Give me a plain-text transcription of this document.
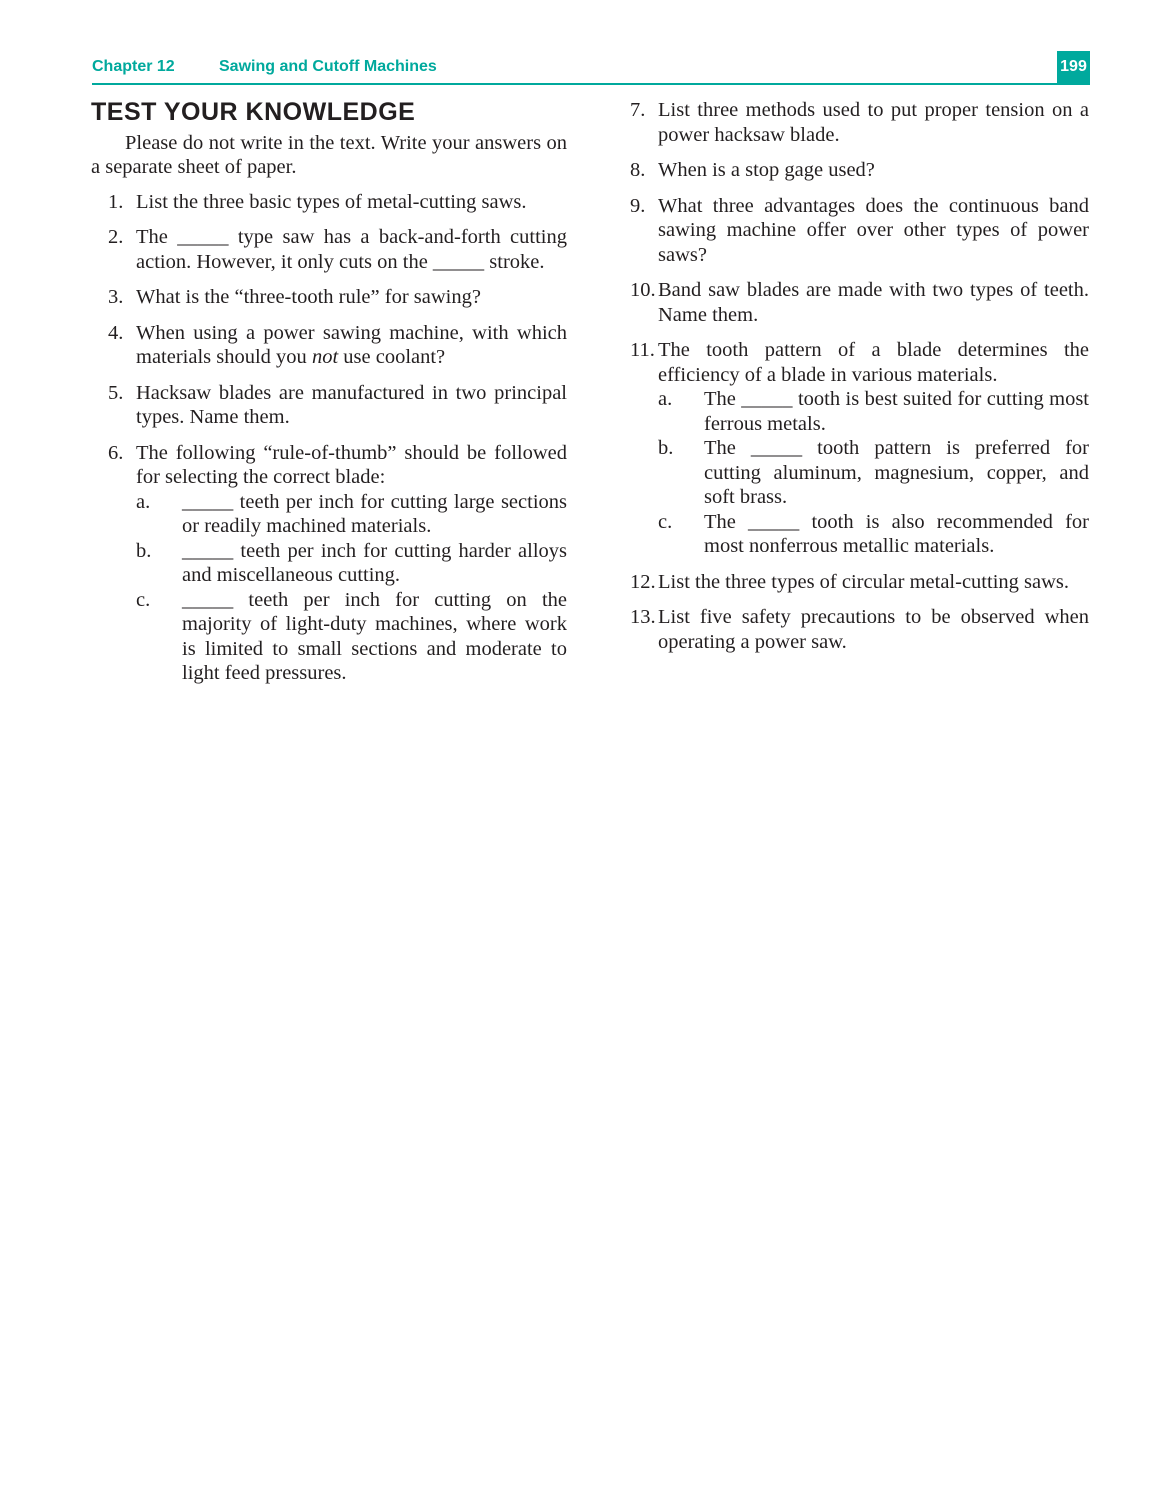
Chapter 12	Sawing and Cutoff Machines	199
TEST YOUR KNOWLEDGE

Please do not write in the text. Write your answers on a separate sheet of paper.

1. List the three basic types of metal-cutting saws.
2. The _____ type saw has a back-and-forth cutting action. However, it only cuts on the _____ stroke.
3. What is the “three-tooth rule” for sawing?
4. When using a power sawing machine, with which materials should you not use coolant?
5. Hacksaw blades are manufactured in two principal types. Name them.
6. The following “rule-of-thumb” should be followed for selecting the correct blade:
a.	_____ teeth per inch for cutting large sections or readily machined materials.
b.	_____ teeth per inch for cutting harder alloys and miscellaneous cutting.
c.	_____ teeth per inch for cutting on the majority of light-duty machines, where work is limited to small sections and moderate to light feed pressures.
7. List three methods used to put proper tension on a power hacksaw blade.
8. When is a stop gage used?
9. What three advantages does the continuous band sawing machine offer over other types of power saws?
10. Band saw blades are made with two types of teeth. Name them.
11. The tooth pattern of a blade determines the efficiency of a blade in various materials.
a.	The _____ tooth is best suited for cutting most ferrous metals.
b.	The _____ tooth pattern is preferred for cutting aluminum, magnesium, copper, and soft brass.
c.	The _____ tooth is also recommended for most nonferrous metallic materials.
12. List the three types of circular metal-cutting saws.
13. List five safety precautions to be observed when operating a power saw.
